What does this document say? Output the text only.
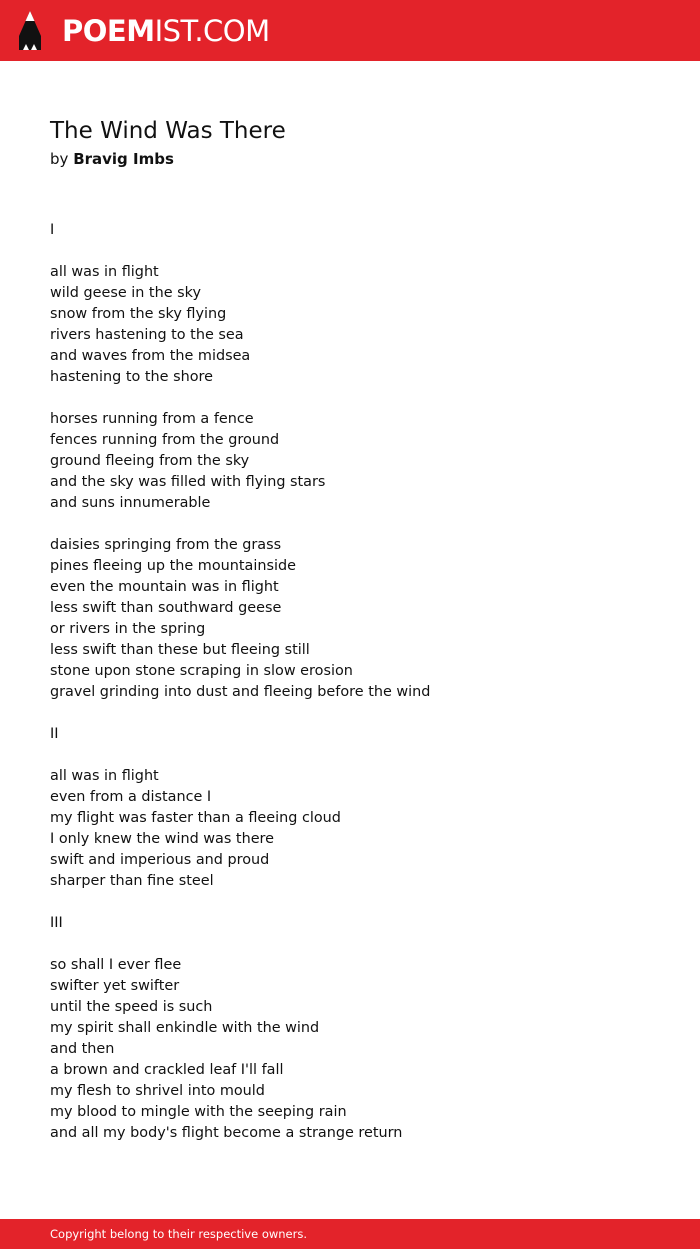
POEMIST.COM
The Wind Was There
by Bravig Imbs
I
all was in flight
wild geese in the sky
snow from the sky flying
rivers hastening to the sea
and waves from the midsea
hastening to the shore
horses running from a fence
fences running from the ground
ground fleeing from the sky
and the sky was filled with flying stars
and suns innumerable
daisies springing from the grass
pines fleeing up the mountainside
even the mountain was in flight
less swift than southward geese
or rivers in the spring
less swift than these but fleeing still
stone upon stone scraping in slow erosion
gravel grinding into dust and fleeing before the wind
II
all was in flight
even from a distance I
my flight was faster than a fleeing cloud
I only knew the wind was there
swift and imperious and proud
sharper than fine steel
III
so shall I ever flee
swifter yet swifter
until the speed is such
my spirit shall enkindle with the wind
and then
a brown and crackled leaf I'll fall
my flesh to shrivel into mould
my blood to mingle with the seeping rain
and all my body's flight become a strange return
Copyright belong to their respective owners.
